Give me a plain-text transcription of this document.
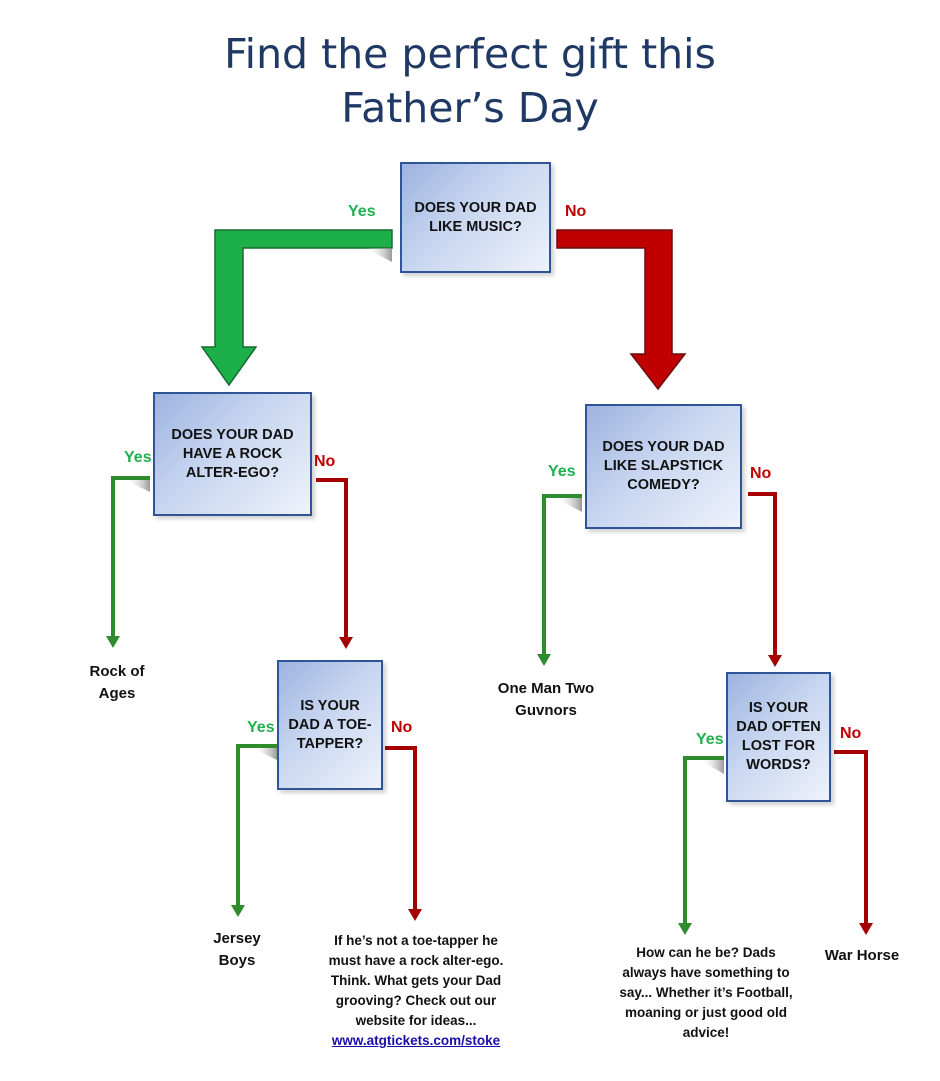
Find the perfect gift this
Father’s Day
DOES YOUR DAD LIKE MUSIC?
DOES YOUR DAD HAVE A ROCK ALTER-EGO?
DOES YOUR DAD LIKE SLAPSTICK COMEDY?
IS YOUR DAD A TOE-TAPPER?
IS YOUR DAD OFTEN LOST FOR WORDS?
Yes	No
Yes	No
Yes	No
Yes	No
Yes	No
Rock of Ages	One Man Two Guvnors
Jersey Boys	War Horse
If he’s not a toe-tapper he must have a rock alter-ego. Think. What gets your Dad grooving? Check out our website for ideas...
www.atgtickets.com/stoke
How can he be? Dads always have something to say... Whether it’s Football, moaning or just good old advice!
